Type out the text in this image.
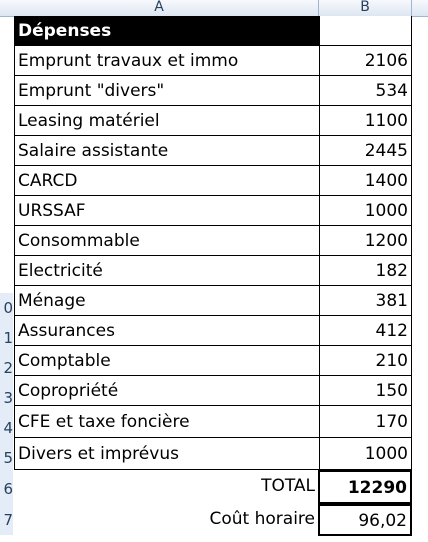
A	B
0
1
2
3
4
5
6
7
Dépenses
Emprunt travaux et immo	2106
Emprunt "divers"	534
Leasing matériel	1100
Salaire assistante	2445
CARCD	1400
URSSAF	1000
Consommable	1200
Electricité	182
Ménage	381
Assurances	412
Comptable	210
Copropriété	150
CFE et taxe foncière	170
Divers et imprévus	1000
TOTAL	12290
Coût horaire	96,02
